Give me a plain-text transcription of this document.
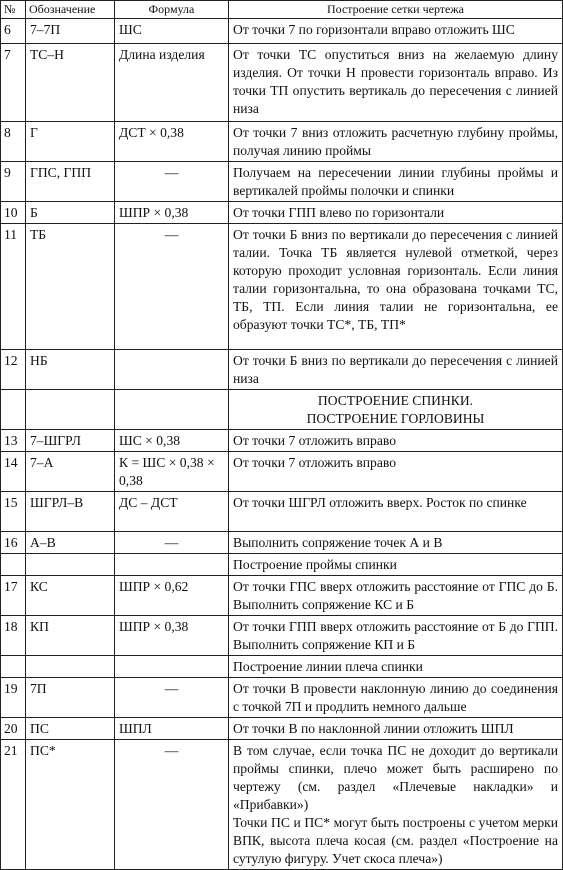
№	Обозначение	Формула	Построение сетки чертежа
6	7–7П	ШС	От точки 7 по горизонтали вправо отложить ШС
7	ТС–Н	Длина изделия	От точки ТС опуститься вниз на желаемую длину изделия. От точки Н провести горизонталь вправо. Из точки ТП опустить вертикаль до пересечения с линией низа
8	Г	ДСТ × 0,38	От точки 7 вниз отложить расчетную глубину проймы, получая линию проймы
9	ГПС, ГПП	—	Получаем на пересечении линии глубины проймы и вертикалей проймы полочки и спинки
10	Б	ШПР × 0,38	От точки ГПП влево по горизонтали
11	ТБ	—	От точки Б вниз по вертикали до пересечения с линией талии. Точка ТБ является нулевой отметкой, через которую проходит условная горизонталь. Если линия талии горизонтальна, то она образована точками ТС, ТБ, ТП. Если линия талии не горизонтальна, ее образуют точки ТС*, ТБ, ТП*
12	НБ		От точки Б вниз по вертикали до пересечения с линией низа
			ПОСТРОЕНИЕ СПИНКИ.
ПОСТРОЕНИЕ ГОРЛОВИНЫ
13	7–ШГРЛ	ШС × 0,38	От точки 7 отложить вправо
14	7–А	К = ШС × 0,38 × 0,38	От точки 7 отложить вправо
15	ШГРЛ–В	ДС – ДСТ	От точки ШГРЛ отложить вверх. Росток по спинке
16	А–В	—	Выполнить сопряжение точек А и В
			Построение проймы спинки
17	КС	ШПР × 0,62	От точки ГПС вверх отложить расстояние от ГПС до Б. Выполнить сопряжение КС и Б
18	КП	ШПР × 0,38	От точки ГПП вверх отложить расстояние от Б до ГПП. Выполнить сопряжение КП и Б
			Построение линии плеча спинки
19	7П	—	От точки В провести наклонную линию до соединения с точкой 7П и продлить немного дальше
20	ПС	ШПЛ	От точки В по наклонной линии отложить ШПЛ
21	ПС*	—	В том случае, если точка ПС не доходит до вертикали проймы спинки, плечо может быть расширено по чертежу (см. раздел «Плечевые накладки» и «Прибавки»)
Точки ПС и ПС* могут быть построены с учетом мерки ВПК, высота плеча косая (см. раздел «Построение на сутулую фигуру. Учет скоса плеча»)
